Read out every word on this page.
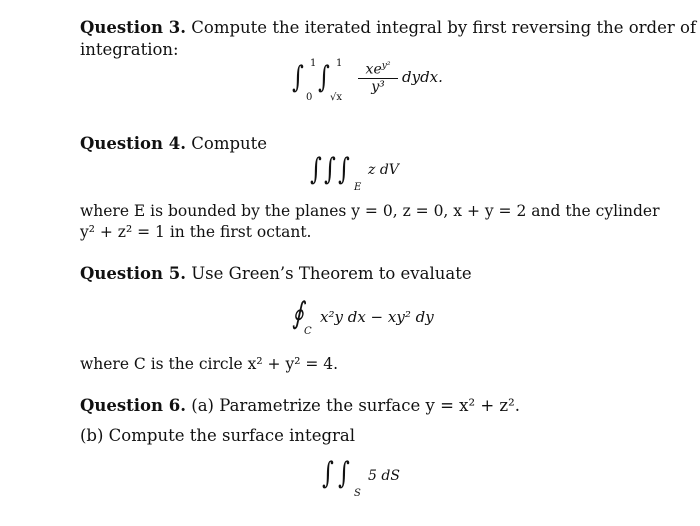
Question 3. Compute the iterated integral by first reversing the order of
integration:
∫ 1
0
∫ 1
√x
$xe^{y^2}$
y³
dydx.
Question 4. Compute
∫ ∫ ∫
E
z dV
where E is bounded by the planes y = 0, z = 0, x + y = 2 and the cylinder
y² + z² = 1 in the first octant.
Question 5. Use Green’s Theorem to evaluate
∮
C
x²y dx − xy² dy
where C is the circle x² + y² = 4.
Question 6. (a) Parametrize the surface y = x² + z².
(b) Compute the surface integral
∫ ∫
S
5 dS
